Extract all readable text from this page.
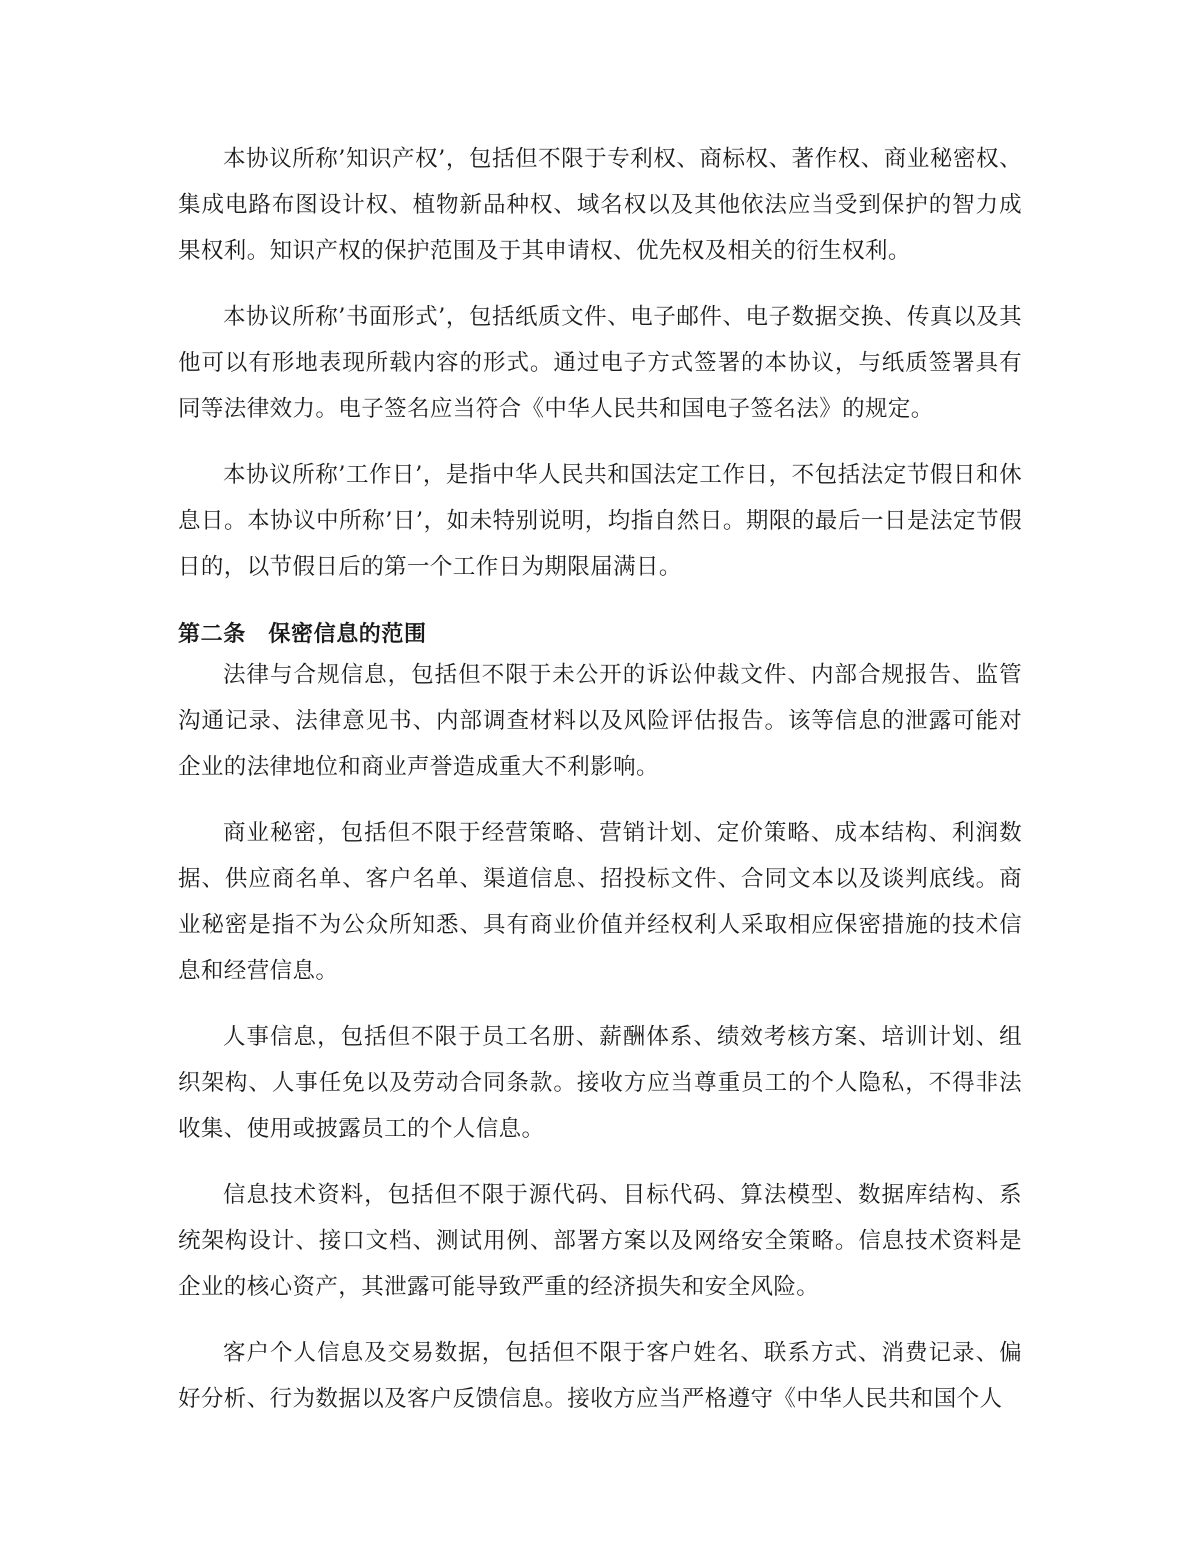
本协议所称’知识产权’，包括但不限于专利权、商标权、著作权、商业秘密权、集成电路布图设计权、植物新品种权、域名权以及其他依法应当受到保护的智力成果权利。知识产权的保护范围及于其申请权、优先权及相关的衍生权利。

本协议所称’书面形式’，包括纸质文件、电子邮件、电子数据交换、传真以及其他可以有形地表现所载内容的形式。通过电子方式签署的本协议，与纸质签署具有同等法律效力。电子签名应当符合《中华人民共和国电子签名法》的规定。

本协议所称’工作日’，是指中华人民共和国法定工作日，不包括法定节假日和休息日。本协议中所称’日’，如未特别说明，均指自然日。期限的最后一日是法定节假日的，以节假日后的第一个工作日为期限届满日。

第二条　保密信息的范围

法律与合规信息，包括但不限于未公开的诉讼仲裁文件、内部合规报告、监管沟通记录、法律意见书、内部调查材料以及风险评估报告。该等信息的泄露可能对企业的法律地位和商业声誉造成重大不利影响。

商业秘密，包括但不限于经营策略、营销计划、定价策略、成本结构、利润数据、供应商名单、客户名单、渠道信息、招投标文件、合同文本以及谈判底线。商业秘密是指不为公众所知悉、具有商业价值并经权利人采取相应保密措施的技术信息和经营信息。

人事信息，包括但不限于员工名册、薪酬体系、绩效考核方案、培训计划、组织架构、人事任免以及劳动合同条款。接收方应当尊重员工的个人隐私，不得非法收集、使用或披露员工的个人信息。

信息技术资料，包括但不限于源代码、目标代码、算法模型、数据库结构、系统架构设计、接口文档、测试用例、部署方案以及网络安全策略。信息技术资料是企业的核心资产，其泄露可能导致严重的经济损失和安全风险。

客户个人信息及交易数据，包括但不限于客户姓名、联系方式、消费记录、偏好分析、行为数据以及客户反馈信息。接收方应当严格遵守《中华人民共和国个人
